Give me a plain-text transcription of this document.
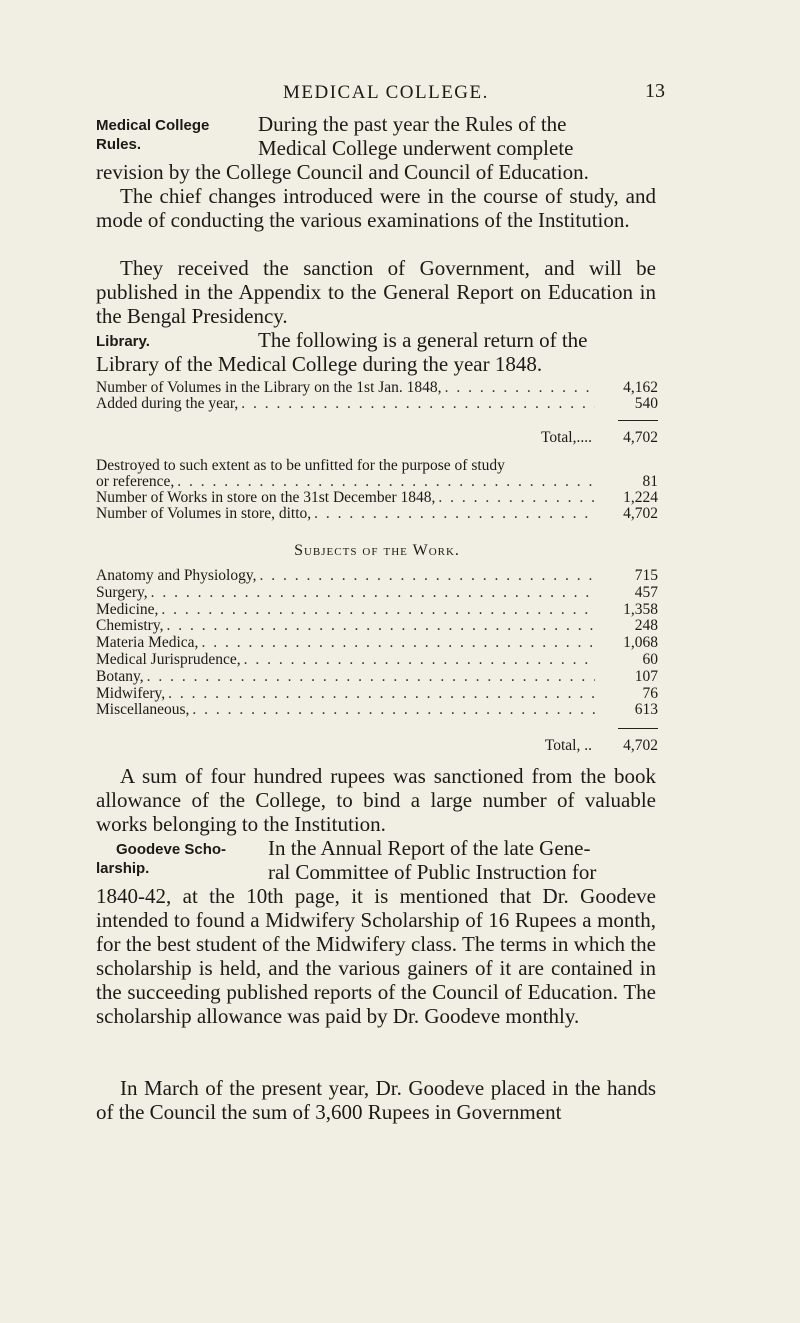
MEDICAL COLLEGE.	13
Medical College
Rules.
During the past year the Rules of the
Medical College underwent complete
revision by the College Council and Council of Education.
The chief changes introduced were in the course of study, and mode of conducting the various examinations of the Institution.
They received the sanction of Government, and will be published in the Appendix to the General Report on Education in the Bengal Presidency.
Library.	The following is a general return of the
Library of the Medical College during the year 1848.
Number of Volumes in the Library on the 1st Jan. 1848, . . .	4,162
Added during the year, . . .	540
Total,....	4,702
Destroyed to such extent as to be unfitted for the purpose of study
or reference, . . .	81
Number of Works in store on the 31st December 1848, . . .	1,224
Number of Volumes in store, ditto, . . .	4,702
Subjects of the Work.
Anatomy and Physiology, . . .	715
Surgery, . . .	457
Medicine, . . .	1,358
Chemistry, . . .	248
Materia Medica, . . .	1,068
Medical Jurisprudence, . . .	60
Botany, . . .	107
Midwifery, . . .	76
Miscellaneous, . . .	613
Total, ..	4,702
A sum of four hundred rupees was sanctioned from the book allowance of the College, to bind a large number of valuable works belonging to the Institution.
Goodeve Scho-
larship.
In the Annual Report of the late Gene-
ral Committee of Public Instruction for
1840-42, at the 10th page, it is mentioned that Dr. Goodeve intended to found a Midwifery Scholarship of 16 Rupees a month, for the best student of the Midwifery class. The terms in which the scholarship is held, and the various gainers of it are contained in the succeeding published reports of the Council of Education. The scholarship allowance was paid by Dr. Goodeve monthly.
In March of the present year, Dr. Goodeve placed in the hands of the Council the sum of 3,600 Rupees in Government
